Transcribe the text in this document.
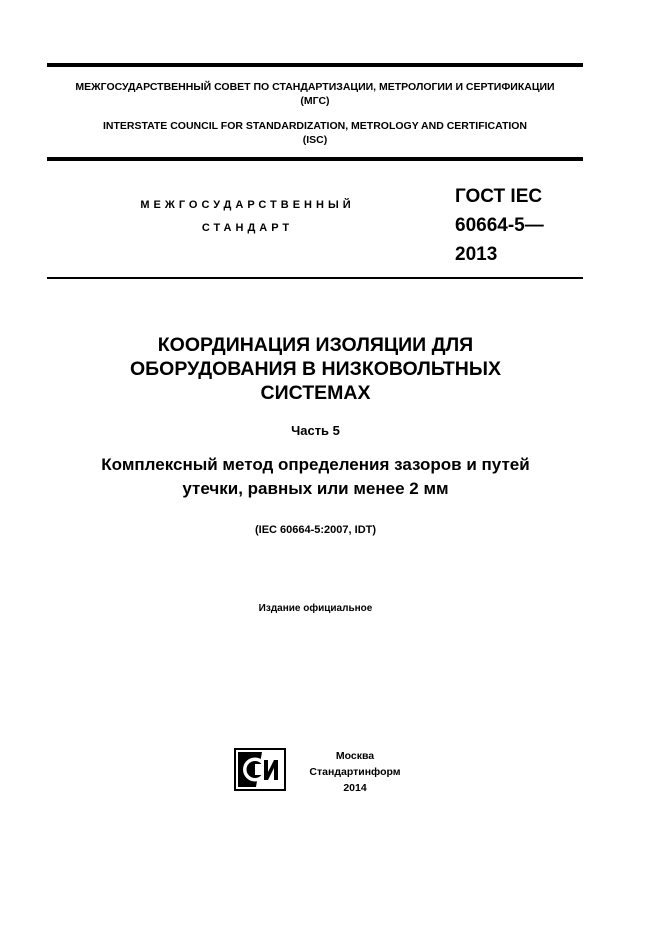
МЕЖГОСУДАРСТВЕННЫЙ СОВЕТ ПО СТАНДАРТИЗАЦИИ, МЕТРОЛОГИИ И СЕРТИФИКАЦИИ
(МГС)
INTERSTATE COUNCIL FOR STANDARDIZATION, METROLOGY AND CERTIFICATION
(ISC)
МЕЖГОСУДАРСТВЕННЫЙ
СТАНДАРТ
ГОСТ IEC
60664-5—
2013
КООРДИНАЦИЯ ИЗОЛЯЦИИ ДЛЯ
ОБОРУДОВАНИЯ В НИЗКОВОЛЬТНЫХ
СИСТЕМАХ
Часть 5
Комплексный метод определения зазоров и путей
утечки, равных или менее 2 мм
(IEC 60664-5:2007, IDT)
Издание официальное
Москва
Стандартинформ
2014
